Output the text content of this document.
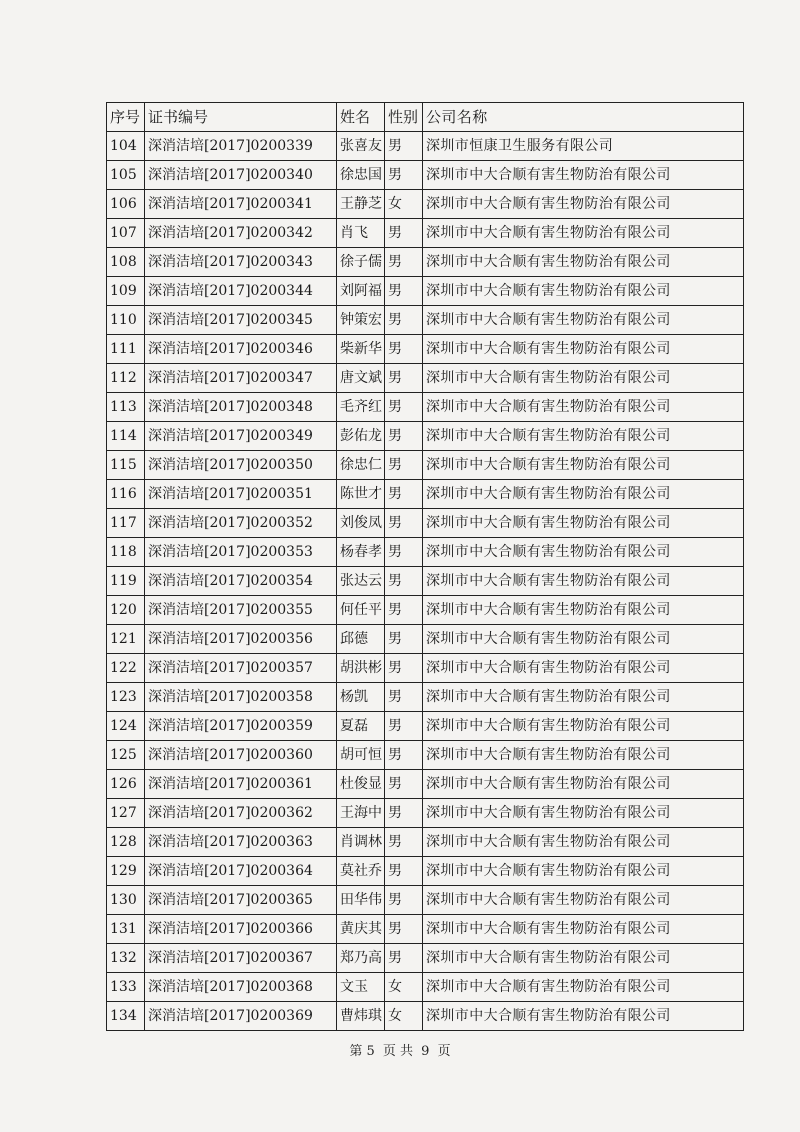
序号	证书编号	姓名	性别	公司名称
104	深消洁培[2017]0200339	张喜友	男	深圳市恒康卫生服务有限公司
105	深消洁培[2017]0200340	徐忠国	男	深圳市中大合顺有害生物防治有限公司
106	深消洁培[2017]0200341	王静芝	女	深圳市中大合顺有害生物防治有限公司
107	深消洁培[2017]0200342	肖飞	男	深圳市中大合顺有害生物防治有限公司
108	深消洁培[2017]0200343	徐子儒	男	深圳市中大合顺有害生物防治有限公司
109	深消洁培[2017]0200344	刘阿福	男	深圳市中大合顺有害生物防治有限公司
110	深消洁培[2017]0200345	钟策宏	男	深圳市中大合顺有害生物防治有限公司
111	深消洁培[2017]0200346	柴新华	男	深圳市中大合顺有害生物防治有限公司
112	深消洁培[2017]0200347	唐文斌	男	深圳市中大合顺有害生物防治有限公司
113	深消洁培[2017]0200348	毛齐红	男	深圳市中大合顺有害生物防治有限公司
114	深消洁培[2017]0200349	彭佑龙	男	深圳市中大合顺有害生物防治有限公司
115	深消洁培[2017]0200350	徐忠仁	男	深圳市中大合顺有害生物防治有限公司
116	深消洁培[2017]0200351	陈世才	男	深圳市中大合顺有害生物防治有限公司
117	深消洁培[2017]0200352	刘俊凤	男	深圳市中大合顺有害生物防治有限公司
118	深消洁培[2017]0200353	杨春孝	男	深圳市中大合顺有害生物防治有限公司
119	深消洁培[2017]0200354	张达云	男	深圳市中大合顺有害生物防治有限公司
120	深消洁培[2017]0200355	何任平	男	深圳市中大合顺有害生物防治有限公司
121	深消洁培[2017]0200356	邱德	男	深圳市中大合顺有害生物防治有限公司
122	深消洁培[2017]0200357	胡洪彬	男	深圳市中大合顺有害生物防治有限公司
123	深消洁培[2017]0200358	杨凯	男	深圳市中大合顺有害生物防治有限公司
124	深消洁培[2017]0200359	夏磊	男	深圳市中大合顺有害生物防治有限公司
125	深消洁培[2017]0200360	胡可恒	男	深圳市中大合顺有害生物防治有限公司
126	深消洁培[2017]0200361	杜俊显	男	深圳市中大合顺有害生物防治有限公司
127	深消洁培[2017]0200362	王海中	男	深圳市中大合顺有害生物防治有限公司
128	深消洁培[2017]0200363	肖调林	男	深圳市中大合顺有害生物防治有限公司
129	深消洁培[2017]0200364	莫社乔	男	深圳市中大合顺有害生物防治有限公司
130	深消洁培[2017]0200365	田华伟	男	深圳市中大合顺有害生物防治有限公司
131	深消洁培[2017]0200366	黄庆其	男	深圳市中大合顺有害生物防治有限公司
132	深消洁培[2017]0200367	郑乃高	男	深圳市中大合顺有害生物防治有限公司
133	深消洁培[2017]0200368	文玉	女	深圳市中大合顺有害生物防治有限公司
134	深消洁培[2017]0200369	曹炜琪	女	深圳市中大合顺有害生物防治有限公司
第 5 页 共 9 页
